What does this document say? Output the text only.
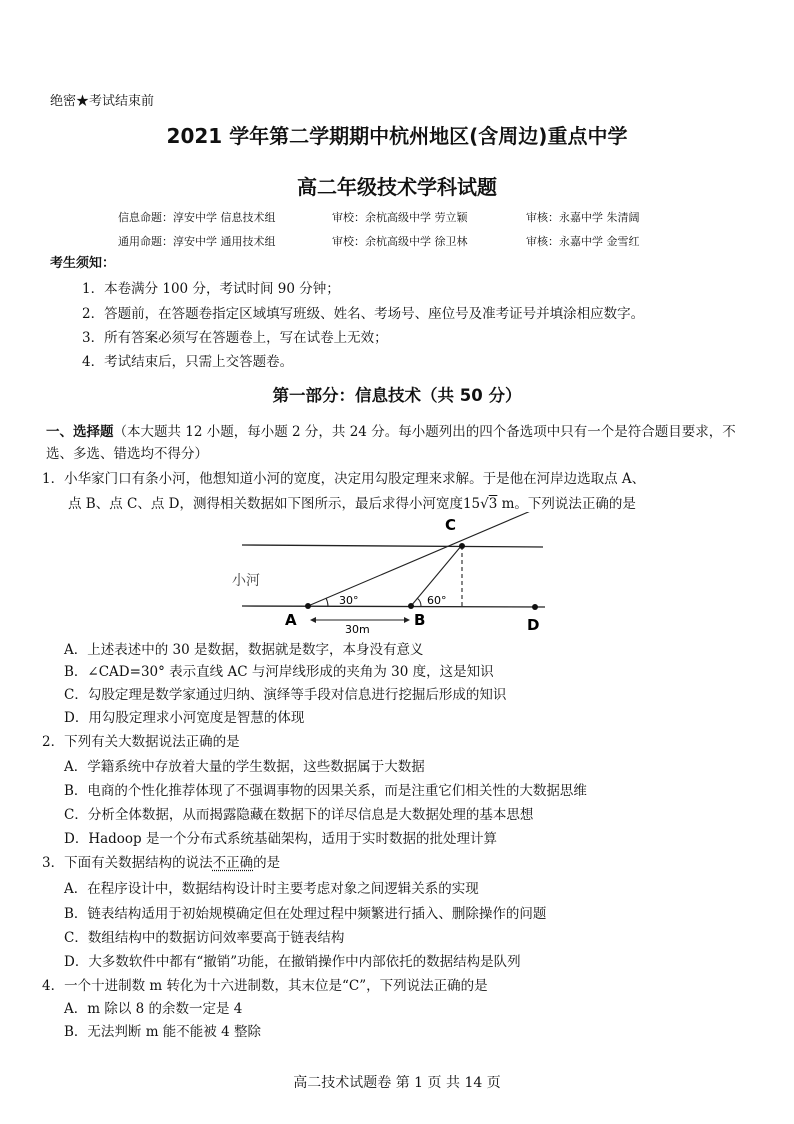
绝密★考试结束前
2021 学年第二学期期中杭州地区(含周边)重点中学
高二年级技术学科试题
信息命题：淳安中学 信息技术组	审校：余杭高级中学 劳立颖	审核：永嘉中学 朱清阔
通用命题：淳安中学 通用技术组	审校：余杭高级中学 徐卫林	审核：永嘉中学 金雪红
考生须知：
1．本卷满分 100 分，考试时间 90 分钟；
2．答题前，在答题卷指定区域填写班级、姓名、考场号、座位号及准考证号并填涂相应数字。
3．所有答案必须写在答题卷上，写在试卷上无效；
4．考试结束后，只需上交答题卷。
第一部分：信息技术（共 50 分）
一、选择题（本大题共 12 小题，每小题 2 分，共 24 分。每小题列出的四个备选项中只有一个是符合题目要求，不选、多选、错选均不得分）
1．小华家门口有条小河，他想知道小河的宽度，决定用勾股定理来求解。于是他在河岸边选取点 A、
点 B、点 C、点 D，测得相关数据如下图所示，最后求得小河宽度15√3 m。下列说法正确的是
C
A	B	D
小河
30°	60°
30m
A．上述表述中的 30 是数据，数据就是数字，本身没有意义
B．∠CAD=30° 表示直线 AC 与河岸线形成的夹角为 30 度，这是知识
C．勾股定理是数学家通过归纳、演绎等手段对信息进行挖掘后形成的知识
D．用勾股定理求小河宽度是智慧的体现
2．下列有关大数据说法正确的是
A．学籍系统中存放着大量的学生数据，这些数据属于大数据
B．电商的个性化推荐体现了不强调事物的因果关系，而是注重它们相关性的大数据思维
C．分析全体数据，从而揭露隐藏在数据下的详尽信息是大数据处理的基本思想
D．Hadoop 是一个分布式系统基础架构，适用于实时数据的批处理计算
3．下面有关数据结构的说法不正确的是
A．在程序设计中，数据结构设计时主要考虑对象之间逻辑关系的实现
B．链表结构适用于初始规模确定但在处理过程中频繁进行插入、删除操作的问题
C．数组结构中的数据访问效率要高于链表结构
D．大多数软件中都有“撤销”功能，在撤销操作中内部依托的数据结构是队列
4．一个十进制数 m 转化为十六进制数，其末位是“C”，下列说法正确的是
A．m 除以 8 的余数一定是 4
B．无法判断 m 能不能被 4 整除
高二技术试题卷 第 1 页 共 14 页
